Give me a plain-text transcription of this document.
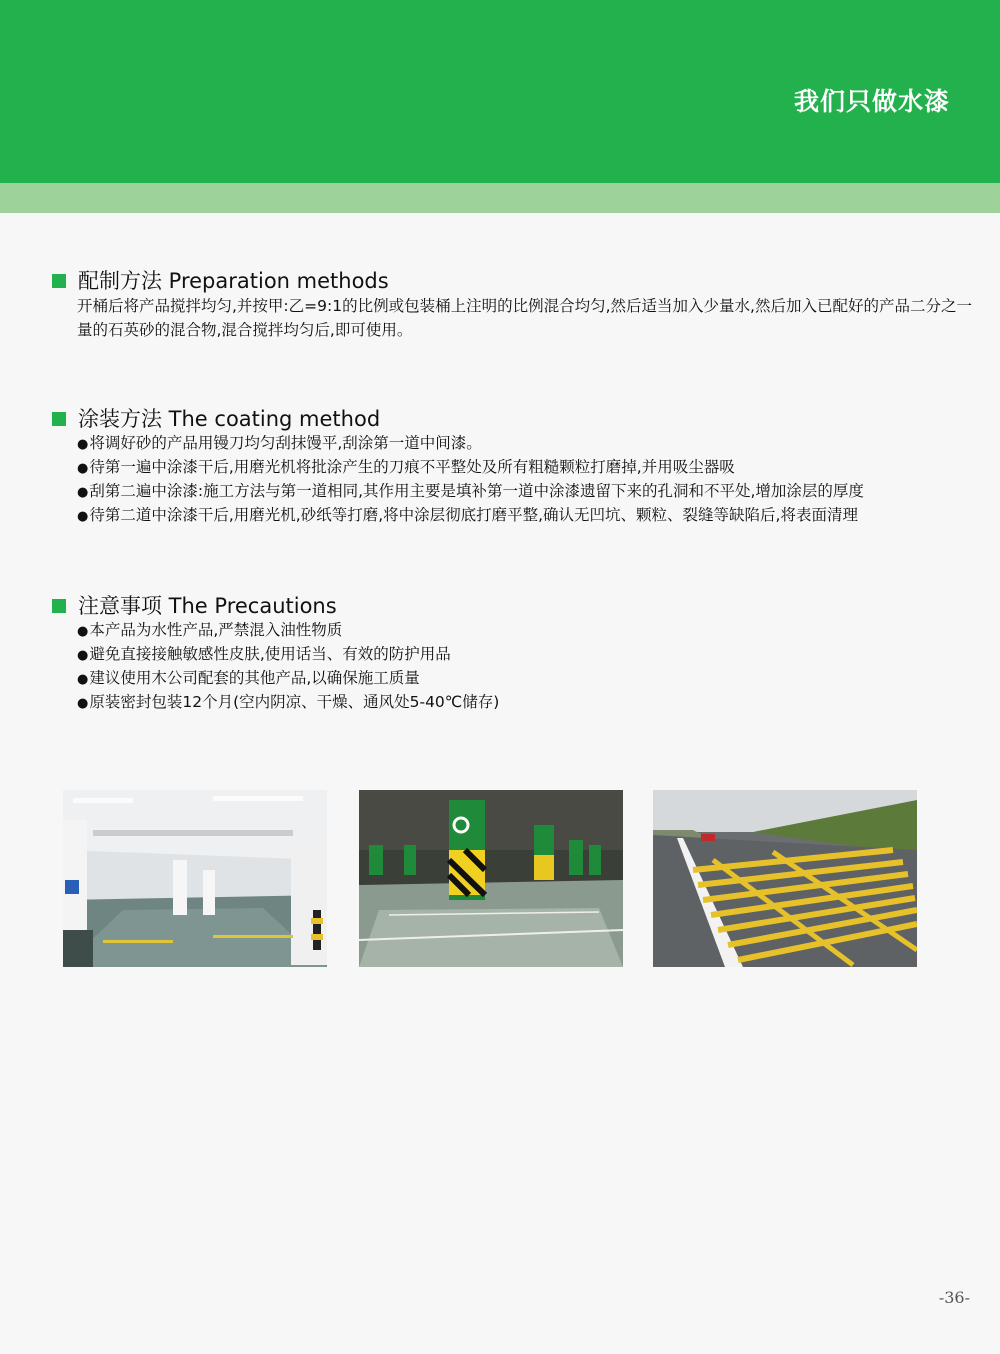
我们只做水漆
配制方法 Preparation methods

开桶后将产品搅拌均匀,并按甲:乙=9:1的比例或包装桶上注明的比例混合均匀,然后适当加入少量水,然后加入已配好的产品二分之一量的石英砂的混合物,混合搅拌均匀后,即可使用。

涂装方法 The coating method
●将调好砂的产品用镘刀均匀刮抹馒平,刮涂第一道中间漆。
●待第一遍中涂漆干后,用磨光机将批涂产生的刀痕不平整处及所有粗糙颗粒打磨掉,并用吸尘器吸
●刮第二遍中涂漆:施工方法与第一道相同,其作用主要是填补第一道中涂漆遗留下来的孔洞和不平处,增加涂层的厚度
●待第二道中涂漆干后,用磨光机,砂纸等打磨,将中涂层彻底打磨平整,确认无凹坑、颗粒、裂缝等缺陷后,将表面清理
注意事项 The Precautions
●本产品为水性产品,严禁混入油性物质
●避免直接接触敏感性皮肤,使用话当、有效的防护用品
●建议使用木公司配套的其他产品,以确保施工质量
●原装密封包装12个月(空内阴凉、干燥、通风处5-40℃储存)
-36-
